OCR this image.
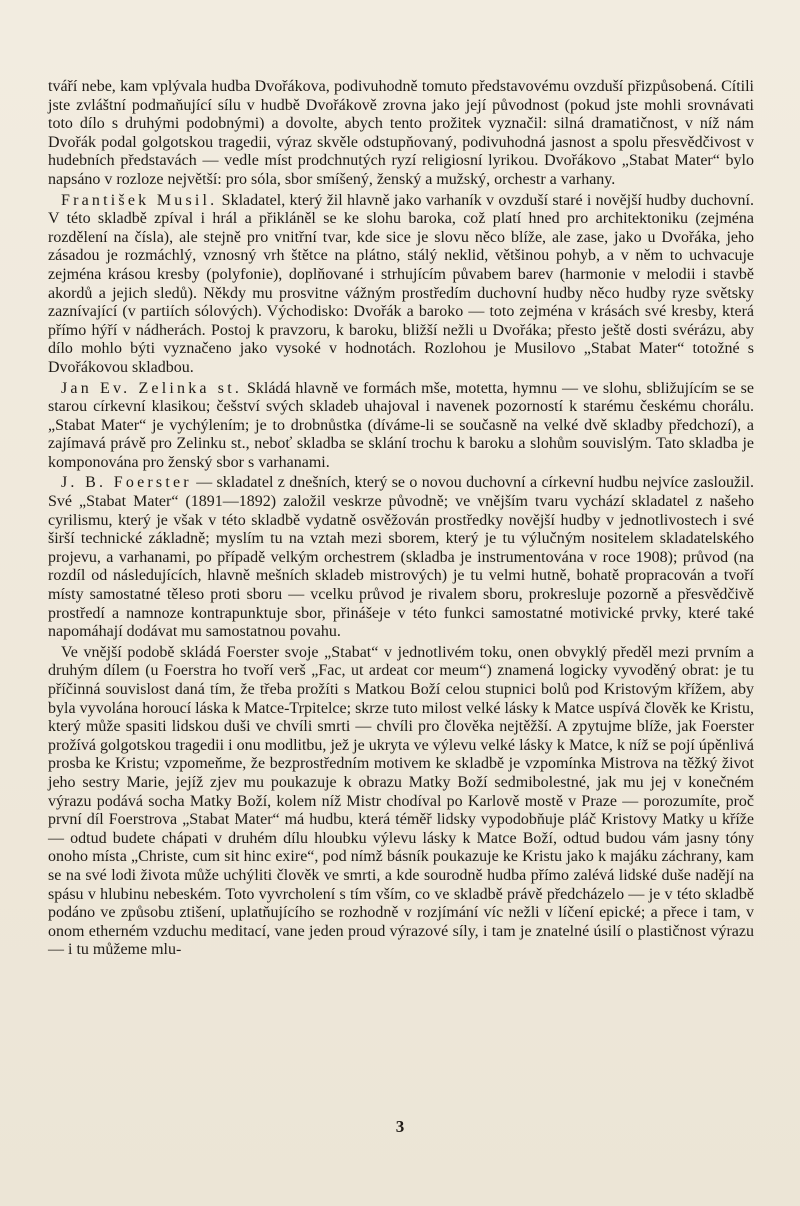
tváří nebe, kam vplývala hudba Dvořákova, podivuhodně tomuto představovému ovzduší přizpůsobená. Cítili jste zvláštní podmaňující sílu v hudbě Dvořákově zrovna jako její původnost (pokud jste mohli srovnávati toto dílo s druhými podobnými) a dovolte, abych tento prožitek vyznačil: silná dramatičnost, v níž nám Dvořák podal golgotskou tragedii, výraz skvěle odstupňovaný, podivuhodná jasnost a spolu přesvědčivost v hudebních představách — vedle míst prodchnutých ryzí religiosní lyrikou. Dvořákovo „Stabat Mater“ bylo napsáno v rozloze největší: pro sóla, sbor smíšený, ženský a mužský, orchestr a varhany.

František Musil. Skladatel, který žil hlavně jako varhaník v ovzduší staré i novější hudby duchovní. V této skladbě zpíval i hrál a přikláněl se ke slohu baroka, což platí hned pro architektoniku (zejména rozdělení na čísla), ale stejně pro vnitřní tvar, kde sice je slovu něco blíže, ale zase, jako u Dvořáka, jeho zásadou je rozmáchlý, vznosný vrh štětce na plátno, stálý neklid, většinou pohyb, a v něm to uchvacuje zejména krásou kresby (polyfonie), doplňované i strhujícím půvabem barev (harmonie v melodii i stavbě akordů a jejich sledů). Někdy mu prosvitne vážným prostředím duchovní hudby něco hudby ryze světsky zaznívající (v partiích sólových). Východisko: Dvořák a baroko — toto zejména v krásách své kresby, která přímo hýří v nádherách. Postoj k pravzoru, k baroku, bližší nežli u Dvořáka; přesto ještě dosti svérázu, aby dílo mohlo býti vyznačeno jako vysoké v hodnotách. Rozlohou je Musilovo „Stabat Mater“ totožné s Dvořákovou skladbou.

Jan Ev. Zelinka st. Skládá hlavně ve formách mše, motetta, hymnu — ve slohu, sbližujícím se se starou církevní klasikou; češství svých skladeb uhajoval i navenek pozorností k starému českému chorálu. „Stabat Mater“ je vychýlením; je to drobnůstka (díváme-li se současně na velké dvě skladby předchozí), a zajímavá právě pro Zelinku st., neboť skladba se sklání trochu k baroku a slohům souvislým. Tato skladba je komponována pro ženský sbor s varhanami.

J. B. Foerster — skladatel z dnešních, který se o novou duchovní a církevní hudbu nejvíce zasloužil. Své „Stabat Mater“ (1891—1892) založil veskrze původně; ve vnějším tvaru vychází skladatel z našeho cyrilismu, který je však v této skladbě vydatně osvěžován prostředky novější hudby v jednotlivostech i své širší technické základně; myslím tu na vztah mezi sborem, který je tu výlučným nositelem skladatelského projevu, a varhanami, po případě velkým orchestrem (skladba je instrumentována v roce 1908); průvod (na rozdíl od následujících, hlavně mešních skladeb mistrových) je tu velmi hutně, bohatě propracován a tvoří místy samostatné těleso proti sboru — vcelku průvod je rivalem sboru, prokresluje pozorně a přesvědčivě prostředí a namnoze kontrapunktuje sbor, přinášeje v této funkci samostatné motivické prvky, které také napomáhají dodávat mu samostatnou povahu.

Ve vnější podobě skládá Foerster svoje „Stabat“ v jednotlivém toku, onen obvyklý předěl mezi prvním a druhým dílem (u Foerstra ho tvoří verš „Fac, ut ardeat cor meum“) znamená logicky vyvoděný obrat: je tu příčinná souvislost daná tím, že třeba prožíti s Matkou Boží celou stupnici bolů pod Kristovým křížem, aby byla vyvolána horoucí láska k Matce-Trpitelce; skrze tuto milost velké lásky k Matce uspívá člověk ke Kristu, který může spasiti lidskou duši ve chvíli smrti — chvíli pro člověka nejtěžší. A zpytujme blíže, jak Foerster prožívá golgotskou tragedii i onu modlitbu, jež je ukryta ve výlevu velké lásky k Matce, k níž se pojí úpěnlivá prosba ke Kristu; vzpomeňme, že bezprostředním motivem ke skladbě je vzpomínka Mistrova na těžký život jeho sestry Marie, jejíž zjev mu poukazuje k obrazu Matky Boží sedmibolestné, jak mu jej v konečném výrazu podává socha Matky Boží, kolem níž Mistr chodíval po Karlově mostě v Praze — porozumíte, proč první díl Foerstrova „Stabat Mater“ má hudbu, která téměř lidsky vypodobňuje pláč Kristovy Matky u kříže — odtud budete chápati v druhém dílu hloubku výlevu lásky k Matce Boží, odtud budou vám jasny tóny onoho místa „Christe, cum sit hinc exire“, pod nímž básník poukazuje ke Kristu jako k majáku záchrany, kam se na své lodi života může uchýliti člověk ve smrti, a kde sourodně hudba přímo zalévá lidské duše nadějí na spásu v hlubinu nebeském. Toto vyvrcholení s tím vším, co ve skladbě právě předcházelo — je v této skladbě podáno ve způsobu ztišení, uplatňujícího se rozhodně v rozjímání víc nežli v líčení epické; a přece i tam, v onom etherném vzduchu meditací, vane jeden proud výrazové síly, i tam je znatelné úsilí o plastičnost výrazu — i tu můžeme mlu-

3
